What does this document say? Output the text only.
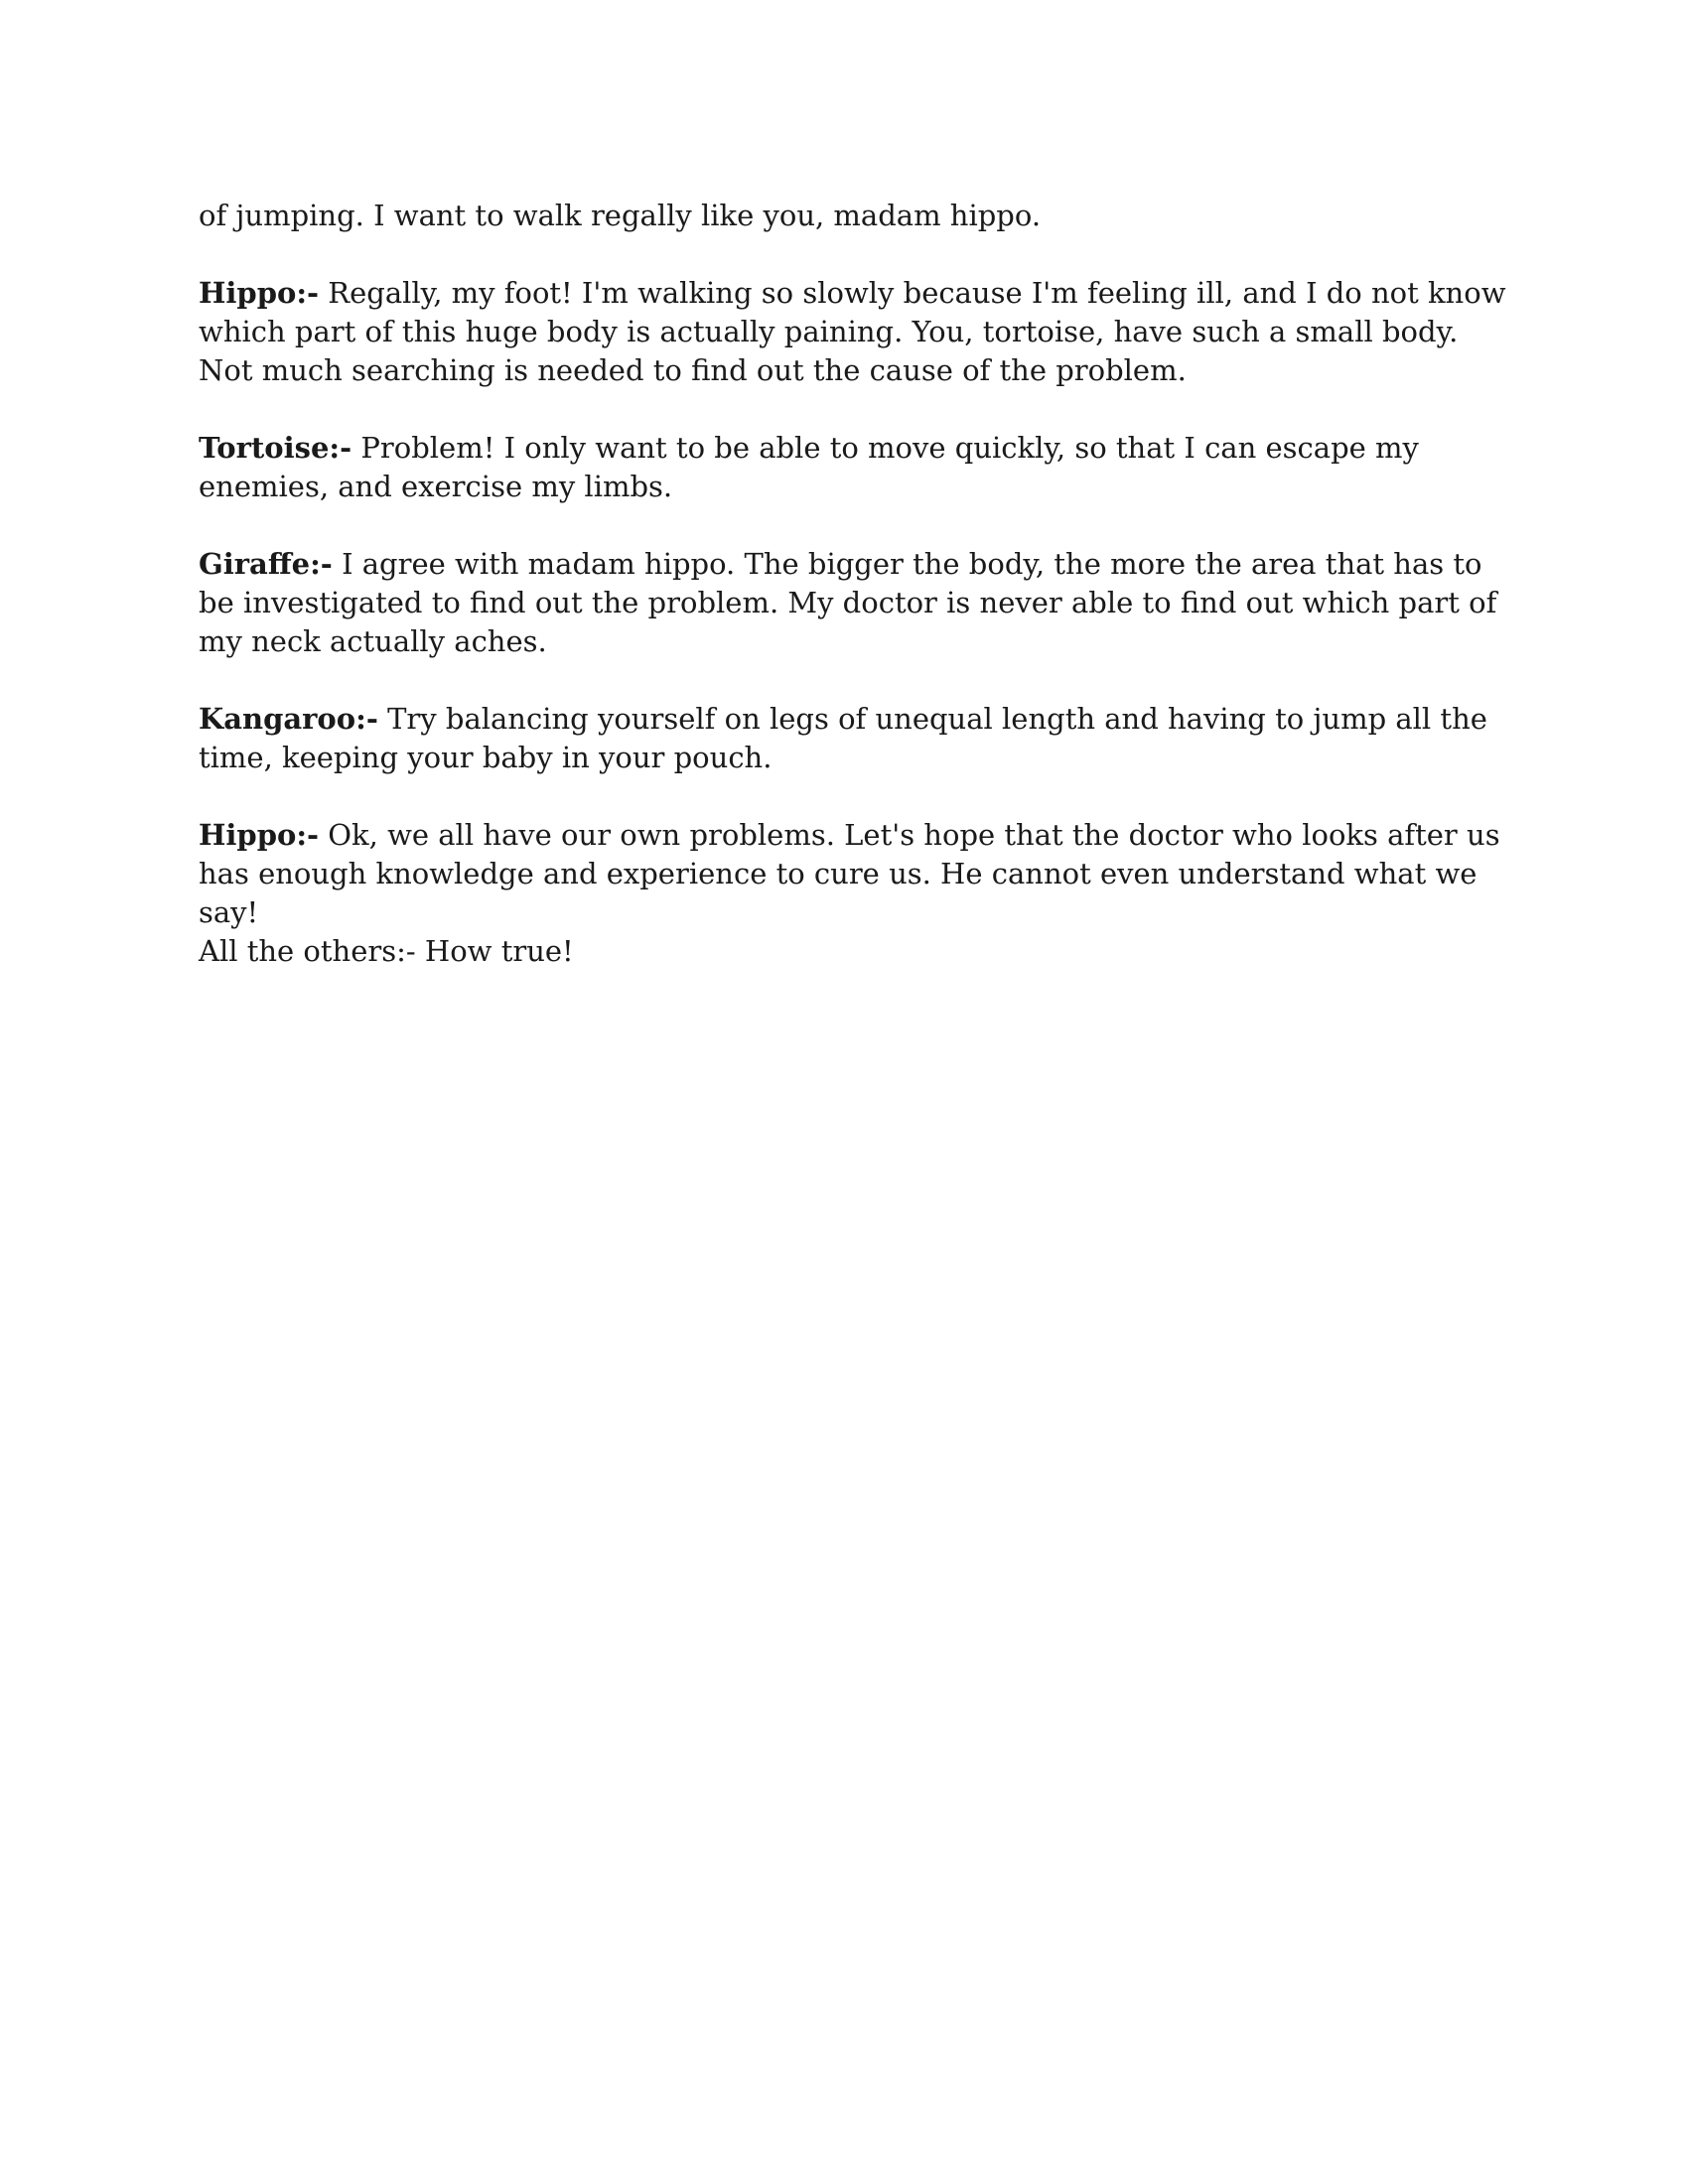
of jumping. I want to walk regally like you, madam hippo.

Hippo:- Regally, my foot! I'm walking so slowly because I'm feeling ill, and I do not know which part of this huge body is actually paining. You, tortoise, have such a small body. Not much searching is needed to find out the cause of the problem.

Tortoise:- Problem! I only want to be able to move quickly, so that I can escape my enemies, and exercise my limbs.

Giraffe:- I agree with madam hippo. The bigger the body, the more the area that has to be investigated to find out the problem. My doctor is never able to find out which part of my neck actually aches.

Kangaroo:- Try balancing yourself on legs of unequal length and having to jump all the time, keeping your baby in your pouch.

Hippo:- Ok, we all have our own problems. Let's hope that the doctor who looks after us has enough knowledge and experience to cure us. He cannot even understand what we say!

All the others:- How true!
